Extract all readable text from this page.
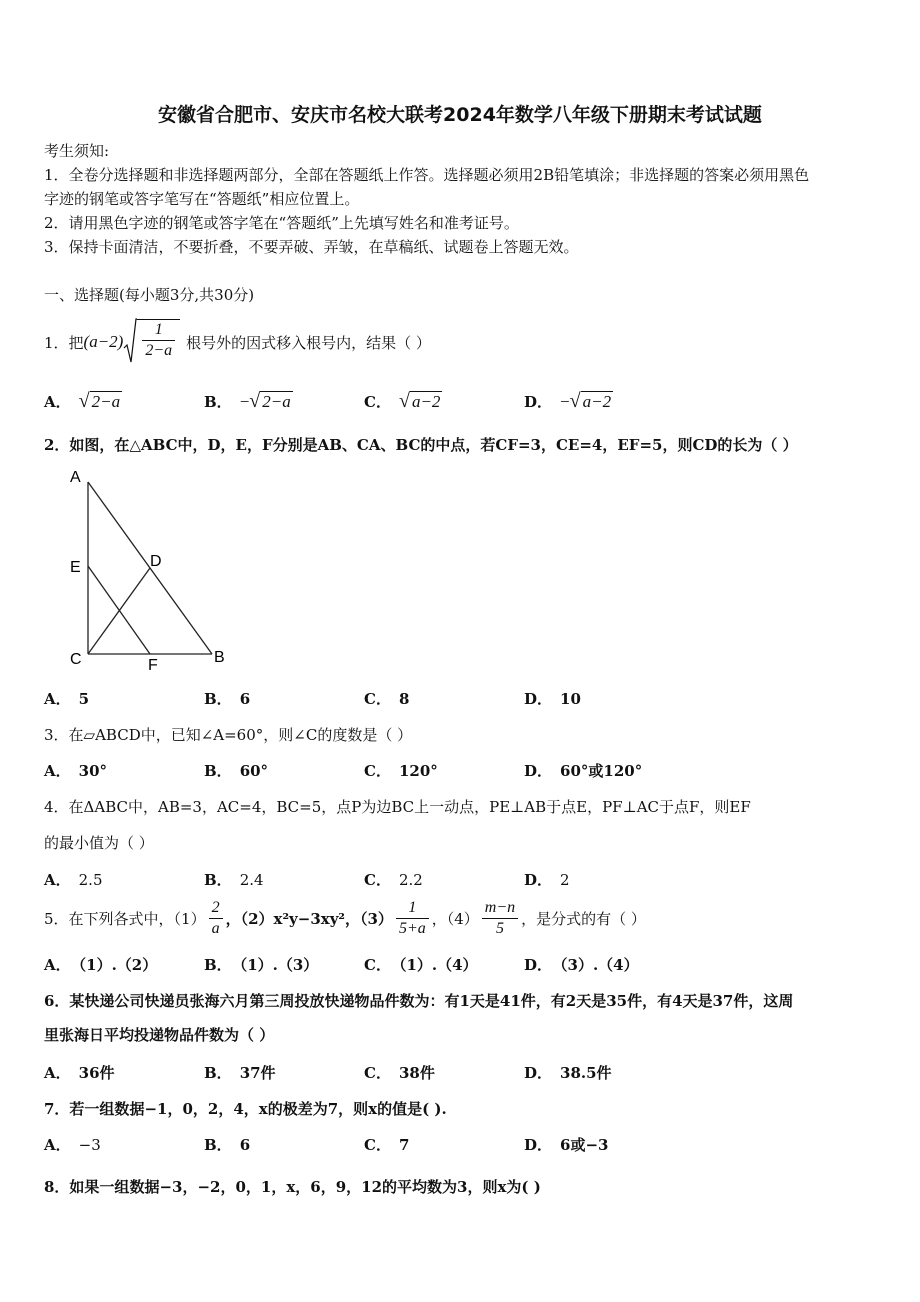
安徽省合肥市、安庆市名校大联考2024年数学八年级下册期末考试试题
考生须知:
1．全卷分选择题和非选择题两部分，全部在答题纸上作答。选择题必须用2B铅笔填涂；非选择题的答案必须用黑色
字迹的钢笔或答字笔写在“答题纸”相应位置上。
2．请用黑色字迹的钢笔或答字笔在“答题纸”上先填写姓名和准考证号。
3．保持卡面清洁，不要折叠，不要弄破、弄皱，在草稿纸、试题卷上答题无效。
一、选择题(每小题3分,共30分)
1．把 $(a-2) \frac{1}{2-a}$ 根号外的因式移入根号内，结果（ ）
A． √ 2−a	B． −√ 2−a	C． √ a−2	D． −√ a−2
2．如图，在△ABC中，D，E，F分别是AB、CA、BC的中点，若CF=3，CE=4，EF=5，则CD的长为（ ）
A
E	D
C	F	B
A． 5	B． 6	C． 8	D． 10
3．在▱ABCD中，已知∠A=60°，则∠C的度数是（ ）
A． 30°	B． 60°	C． 120°	D． 60°或120°
4．在ΔABC中，AB=3，AC=4，BC=5，点P为边BC上一动点，PE⊥AB于点E，PF⊥AC于点F，则EF
的最小值为（ ）
A． 2.5	B． 2.4	C． 2.2	D． 2
5．在下列各式中，$(1) \frac{2}{a}$ ，（2）x²y−3xy²，$(3) \frac{1}{5+a}$ ，$(4) \frac{m-n}{5}$ ，是分式的有（ ）
A． （1）.（2）	B． （1）.（3）	C． （1）.（4）	D． （3）.（4）
6．某快递公司快递员张海六月第三周投放快递物品件数为：有1天是41件，有2天是35件，有4天是37件，这周
里张海日平均投递物品件数为（ ）
A． 36件	B． 37件	C． 38件	D． 38.5件
7．若一组数据−1，0，2，4，x的极差为7，则x的值是( ).
A． −3	B． 6	C． 7	D． 6或−3
8．如果一组数据−3，−2，0，1，x，6，9，12的平均数为3，则x为( )
